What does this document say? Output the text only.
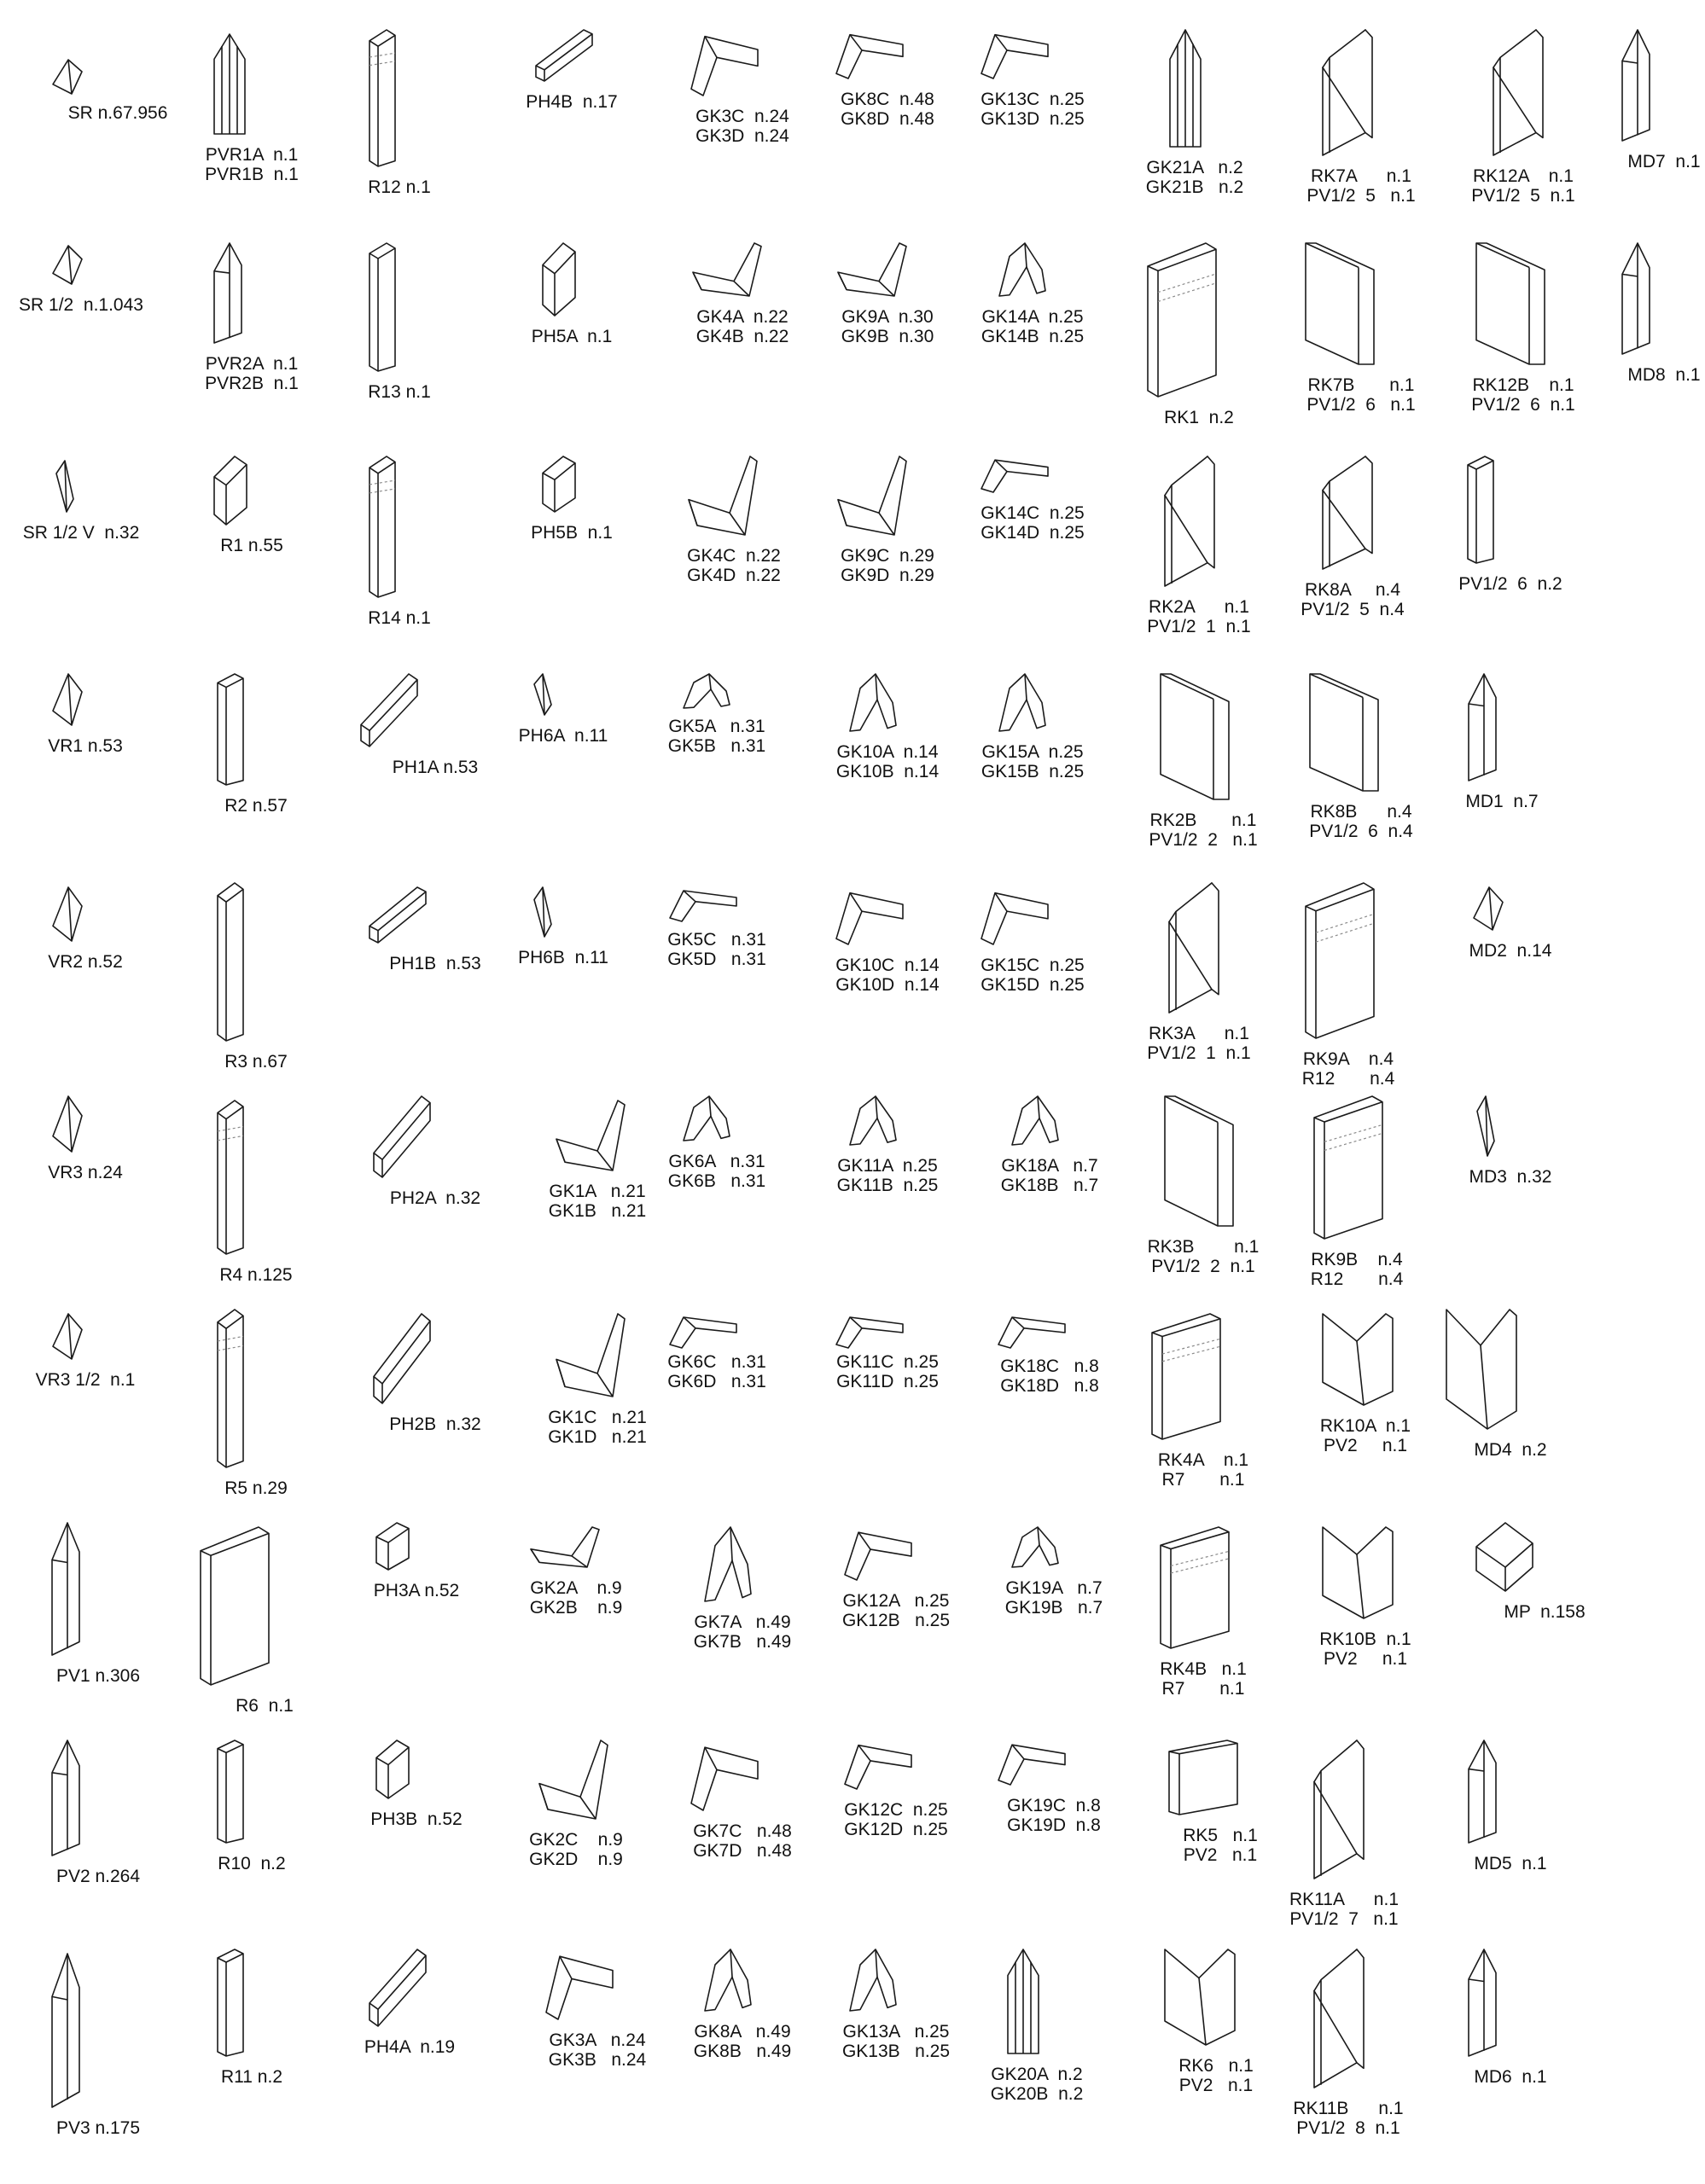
SR n.67.956
SR 1/2  n.1.043
SR 1/2 V  n.32
VR1 n.53
VR2 n.52
VR3 n.24
VR3 1/2  n.1
PV1 n.306
PV2 n.264
PV3 n.175
PVR1A  n.1
PVR1B  n.1
PVR2A  n.1
PVR2B  n.1
R1 n.55
R2 n.57
R3 n.67
R4 n.125
R5 n.29
R6  n.1
R10  n.2
R11 n.2
R12 n.1
R13 n.1
R14 n.1
PH1A n.53
PH1B  n.53
PH2A  n.32
PH2B  n.32
PH3A n.52
PH3B  n.52
PH4A  n.19
PH4B  n.17
PH5A  n.1
PH5B  n.1
PH6A  n.11
PH6B  n.11
GK1A   n.21
GK1B   n.21
GK1C   n.21
GK1D   n.21
GK2A    n.9
GK2B    n.9
GK2C    n.9
GK2D    n.9
GK3A   n.24
GK3B   n.24
GK3C  n.24
GK3D  n.24
GK4A  n.22
GK4B  n.22
GK4C  n.22
GK4D  n.22
GK5A   n.31
GK5B   n.31
GK5C   n.31
GK5D   n.31
GK6A   n.31
GK6B   n.31
GK6C   n.31
GK6D   n.31
GK7A   n.49
GK7B   n.49
GK7C   n.48
GK7D   n.48
GK8A   n.49
GK8B   n.49
GK8C  n.48
GK8D  n.48
GK9A  n.30
GK9B  n.30
GK9C  n.29
GK9D  n.29
GK10A  n.14
GK10B  n.14
GK10C  n.14
GK10D  n.14
GK11A  n.25
GK11B  n.25
GK11C  n.25
GK11D  n.25
GK12A   n.25
GK12B   n.25
GK12C  n.25
GK12D  n.25
GK13A   n.25
GK13B   n.25
GK13C  n.25
GK13D  n.25
GK14A  n.25
GK14B  n.25
GK14C  n.25
GK14D  n.25
GK15A  n.25
GK15B  n.25
GK15C  n.25
GK15D  n.25
GK18A   n.7
GK18B   n.7
GK18C   n.8
GK18D   n.8
GK19A   n.7
GK19B   n.7
GK19C  n.8
GK19D  n.8
GK20A  n.2
GK20B  n.2
GK21A   n.2
GK21B   n.2
RK1  n.2
RK2A      n.1
PV1/2  1  n.1
RK2B       n.1
PV1/2  2   n.1
RK3A      n.1
PV1/2  1  n.1
RK3B        n.1
PV1/2  2  n.1
RK4A    n.1
R7       n.1
RK4B   n.1
R7       n.1
RK5   n.1
PV2   n.1
RK6   n.1
PV2   n.1
RK7A      n.1
PV1/2  5   n.1
RK7B       n.1
PV1/2  6   n.1
RK8A     n.4
PV1/2  5  n.4
RK8B      n.4
PV1/2  6  n.4
RK9A    n.4
R12       n.4
RK9B    n.4
R12       n.4
RK10A  n.1
PV2     n.1
RK10B  n.1
PV2     n.1
RK11A      n.1
PV1/2  7   n.1
RK11B      n.1
PV1/2  8  n.1
RK12A    n.1
PV1/2  5  n.1
RK12B    n.1
PV1/2  6  n.1
PV1/2  6  n.2
MD1  n.7
MD2  n.14
MD3  n.32
MD4  n.2
MP  n.158
MD5  n.1
MD6  n.1
MD7  n.1
MD8  n.1
